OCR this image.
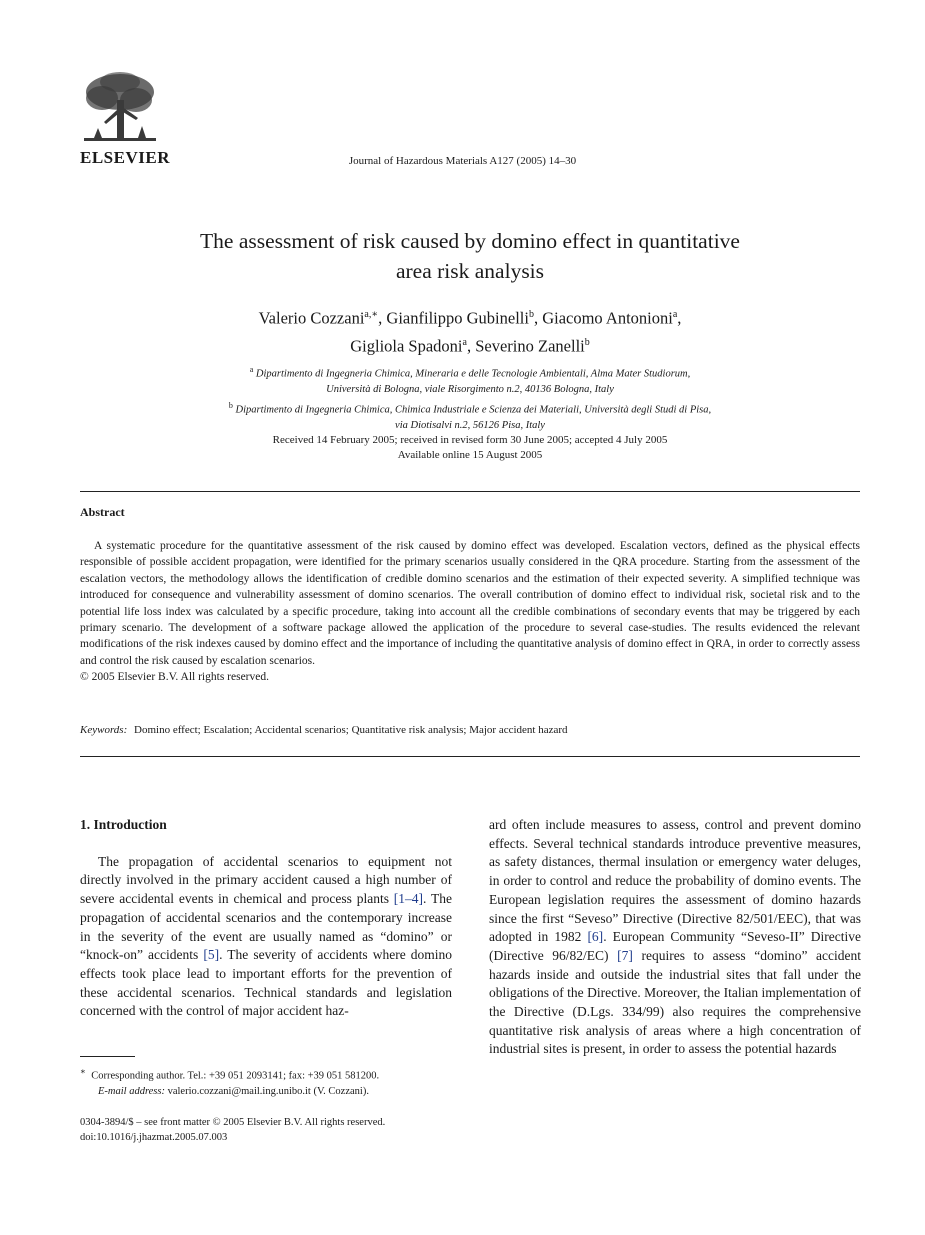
ELSEVIER	Journal of Hazardous Materials A127 (2005) 14–30
The assessment of risk caused by domino effect in quantitative
area risk analysis
Valerio Cozzani$^{a,∗}$, Gianfilippo Gubinelli$^b$, Giacomo Antonioni$^a$,
Gigliola Spadoni$^a$, Severino Zanelli$^b$
$^a$ Dipartimento di Ingegneria Chimica, Mineraria e delle Tecnologie Ambientali, Alma Mater Studiorum,
Università di Bologna, viale Risorgimento n.2, 40136 Bologna, Italy
$^b$ Dipartimento di Ingegneria Chimica, Chimica Industriale e Scienza dei Materiali, Università degli Studi di Pisa,
via Diotisalvi n.2, 56126 Pisa, Italy
Received 14 February 2005; received in revised form 30 June 2005; accepted 4 July 2005
Available online 15 August 2005
Abstract

A systematic procedure for the quantitative assessment of the risk caused by domino effect was developed. Escalation vectors, defined as the physical effects responsible of possible accident propagation, were identified for the primary scenarios usually considered in the QRA procedure. Starting from the assessment of the escalation vectors, the methodology allows the identification of credible domino scenarios and the estimation of their expected severity. A simplified technique was introduced for consequence and vulnerability assessment of domino scenarios. The overall contribution of domino effect to individual risk, societal risk and to the potential life loss index was calculated by a specific procedure, taking into account all the credible combinations of secondary events that may be triggered by each primary scenario. The development of a software package allowed the application of the procedure to several case-studies. The results evidenced the relevant modifications of the risk indexes caused by domino effect and the importance of including the quantitative analysis of domino effect in QRA, in order to correctly assess and control the risk caused by escalation scenarios.

© 2005 Elsevier B.V. All rights reserved.

Keywords: Domino effect; Escalation; Accidental scenarios; Quantitative risk analysis; Major accident hazard
1. Introduction

The propagation of accidental scenarios to equipment not directly involved in the primary accident caused a high number of severe accidental events in chemical and process plants [1–4]. The propagation of accidental scenarios and the contemporary increase in the severity of the event are usually named as “domino” or “knock-on” accidents [5]. The severity of accidents where domino effects took place lead to important efforts for the prevention of these accidental scenarios. Technical standards and legislation concerned with the control of major accident haz-

ard often include measures to assess, control and prevent domino effects. Several technical standards introduce preventive measures, as safety distances, thermal insulation or emergency water deluges, in order to control and reduce the probability of domino events. The European legislation requires the assessment of domino hazards since the first “Seveso” Directive (Directive 82/501/EEC), that was adopted in 1982 [6]. European Community “Seveso-II” Directive (Directive 96/82/EC) [7] requires to assess “domino” accident hazards inside and outside the industrial sites that fall under the obligations of the Directive. Moreover, the Italian implementation of the Directive (D.Lgs. 334/99) also requires the comprehensive quantitative risk analysis of areas where a high concentration of industrial sites is present, in order to assess the potential hazards

∗ Corresponding author. Tel.: +39 051 2093141; fax: +39 051 581200.

E-mail address: valerio.cozzani@mail.ing.unibo.it (V. Cozzani).

0304-3894/$ – see front matter © 2005 Elsevier B.V. All rights reserved.

doi:10.1016/j.jhazmat.2005.07.003
